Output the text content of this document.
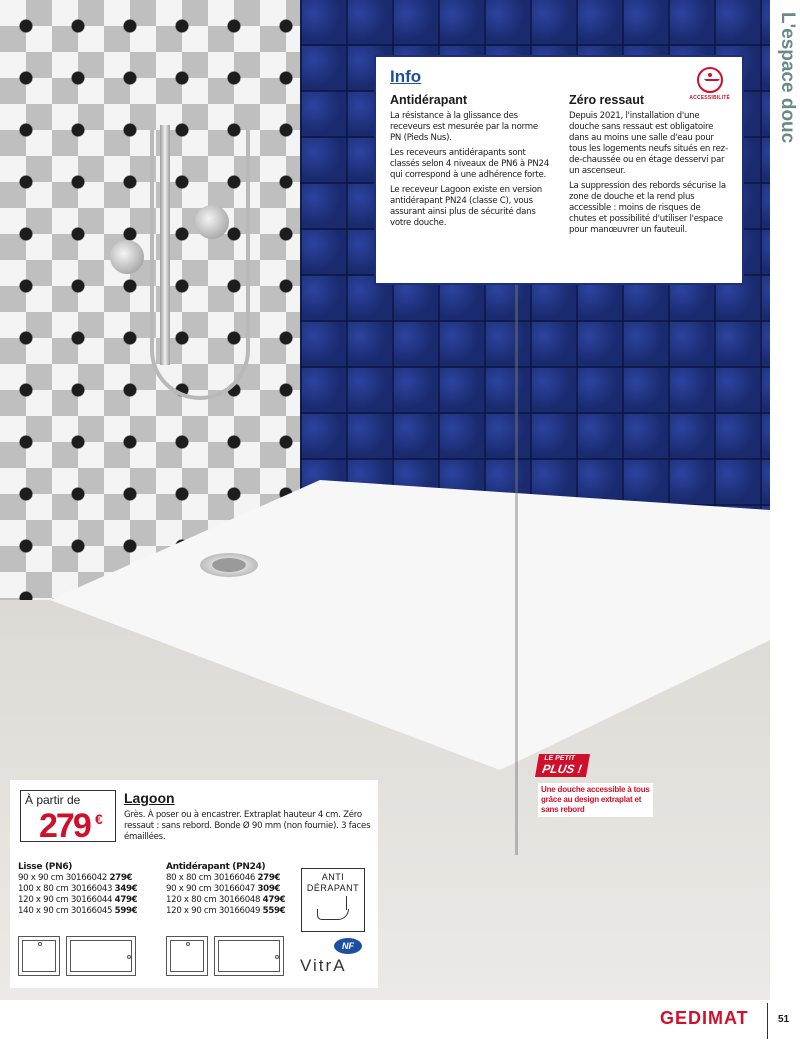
L'espace douc
Info
ACCESSIBILITÉ
Antidérapant

La résistance à la glissance des receveurs est mesurée par la norme PN (Pieds Nus).

Les receveurs antidérapants sont classés selon 4 niveaux de PN6 à PN24 qui correspond à une adhérence forte.

Le receveur Lagoon existe en version antidérapant PN24 (classe C), vous assurant ainsi plus de sécurité dans votre douche.

Zéro ressaut

Depuis 2021, l'installation d'une douche sans ressaut est obligatoire dans au moins une salle d'eau pour tous les logements neufs situés en rez-de-chaussée ou en étage desservi par un ascenseur.

La suppression des rebords sécurise la zone de douche et la rend plus accessible : moins de risques de chutes et possibilité d'utiliser l'espace pour manœuvrer un fauteuil.

LE PETIT
PLUS !

Une douche accessible à tous grâce au design extraplat et sans rebord

À partir de
279 €
Lagoon
Grès. À poser ou à encastrer. Extraplat hauteur 4 cm. Zéro ressaut : sans rebord. Bonde Ø 90 mm (non fournie). 3 faces émaillées.
Lisse (PN6)
90 x 90 cm 30166042 279€
100 x 80 cm 30166043 349€
120 x 90 cm 30166044 479€
140 x 90 cm 30166045 599€
Antidérapant (PN24)
80 x 80 cm 30166046 279€
90 x 90 cm 30166047 309€
120 x 80 cm 30166048 479€
120 x 90 cm 30166049 559€
ANTI
DÉRAPANT
NF
VitrA
GEDIMAT	51
